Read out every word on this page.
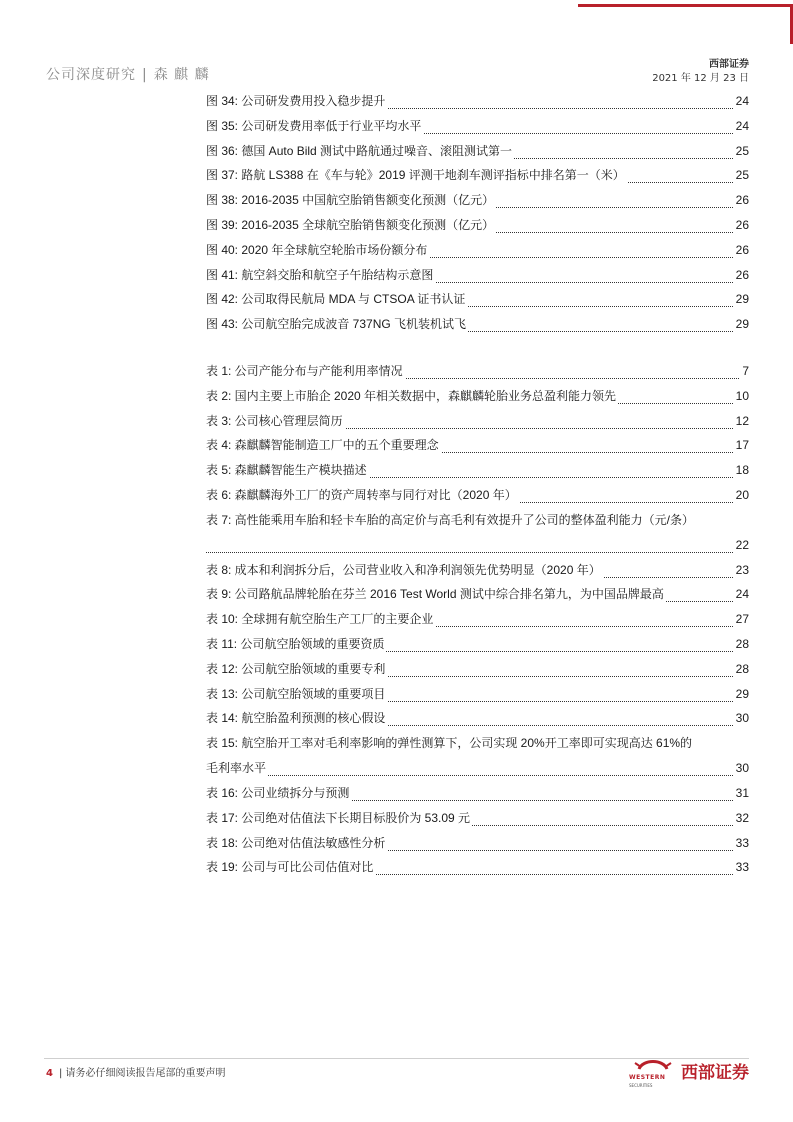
公司深度研究 | 森 麒 麟
西部证券
2021 年 12 月 23 日
图 34: 公司研发费用投入稳步提升	24
图 35: 公司研发费用率低于行业平均水平	24
图 36: 德国 Auto Bild 测试中路航通过噪音、滚阻测试第一	25
图 37: 路航 LS388 在《车与轮》2019 评测干地刹车测评指标中排名第一（米）	25
图 38: 2016-2035 中国航空胎销售额变化预测（亿元）	26
图 39: 2016-2035 全球航空胎销售额变化预测（亿元）	26
图 40: 2020 年全球航空轮胎市场份额分布	26
图 41: 航空斜交胎和航空子午胎结构示意图	26
图 42: 公司取得民航局 MDA 与 CTSOA 证书认证	29
图 43: 公司航空胎完成波音 737NG 飞机装机试飞	29
表 1: 公司产能分布与产能利用率情况	7
表 2: 国内主要上市胎企 2020 年相关数据中，森麒麟轮胎业务总盈利能力领先	10
表 3: 公司核心管理层简历	12
表 4: 森麒麟智能制造工厂中的五个重要理念	17
表 5: 森麒麟智能生产模块描述	18
表 6: 森麒麟海外工厂的资产周转率与同行对比（2020 年）	20
表 7: 高性能乘用车胎和轻卡车胎的高定价与高毛利有效提升了公司的整体盈利能力（元/条）
22
表 8: 成本和利润拆分后，公司营业收入和净利润领先优势明显（2020 年）	23
表 9: 公司路航品牌轮胎在芬兰 2016 Test World 测试中综合排名第九，为中国品牌最高	24
表 10: 全球拥有航空胎生产工厂的主要企业	27
表 11: 公司航空胎领域的重要资质	28
表 12: 公司航空胎领域的重要专利	28
表 13: 公司航空胎领域的重要项目	29
表 14: 航空胎盈利预测的核心假设	30
表 15: 航空胎开工率对毛利率影响的弹性测算下，公司实现 20%开工率即可实现高达 61%的
毛利率水平	30
表 16: 公司业绩拆分与预测	31
表 17: 公司绝对估值法下长期目标股价为 53.09 元	32
表 18: 公司绝对估值法敏感性分析	33
表 19: 公司与可比公司估值对比	33
4 | 请务必仔细阅读报告尾部的重要声明	WESTERN
SECURITIES
西部证券
